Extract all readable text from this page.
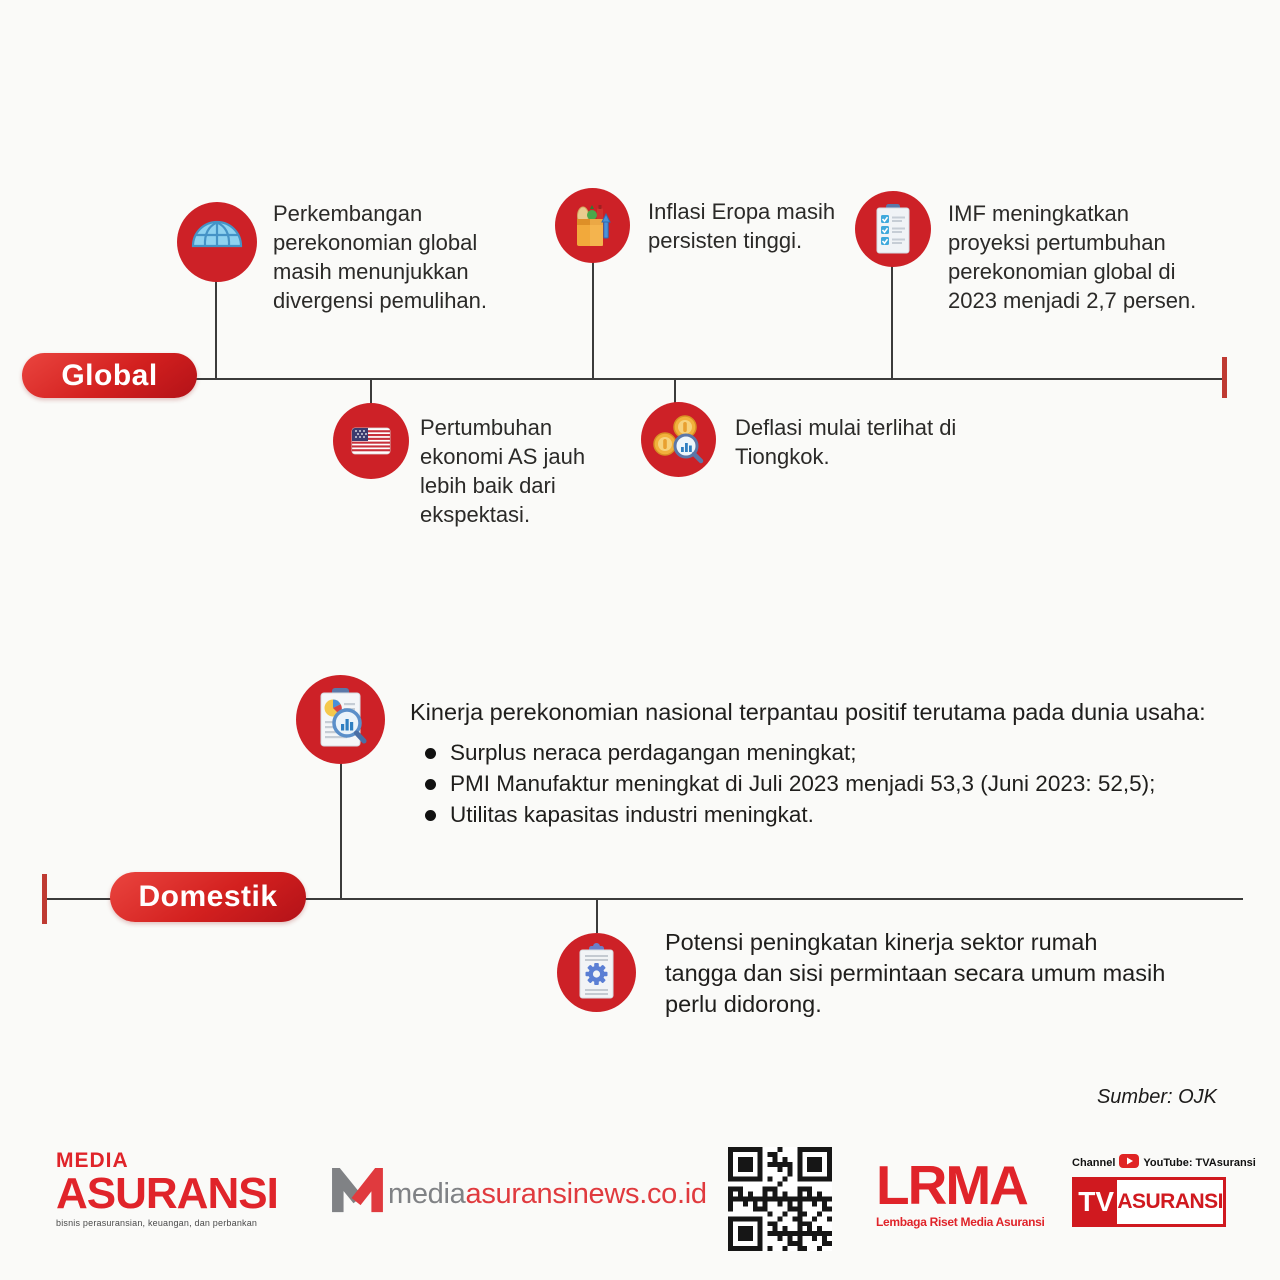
Global
Perkembangan perekonomian global masih menunjukkan divergensi pemulihan.
Inflasi Eropa masih persisten tinggi.
IMF meningkatkan proyeksi pertumbuhan perekonomian global di 2023 menjadi 2,7 persen.
Pertumbuhan ekonomi AS jauh lebih baik dari ekspektasi.
Deflasi mulai terlihat di Tiongkok.
Domestik
Kinerja perekonomian nasional terpantau positif terutama pada dunia usaha:
Surplus neraca perdagangan meningkat;
PMI Manufaktur meningkat di Juli 2023 menjadi 53,3 (Juni 2023: 52,5);
Utilitas kapasitas industri meningkat.
Potensi peningkatan kinerja sektor rumah tangga dan sisi permintaan secara umum masih perlu didorong.
Sumber: OJK
MEDIA
ASURANSI
bisnis perasuransian, keuangan, dan perbankan
mediaasuransinews.co.id	LRMA
Lembaga Riset Media Asuransi
Channel	YouTube: TVAsuransi
TV ASURANSI
